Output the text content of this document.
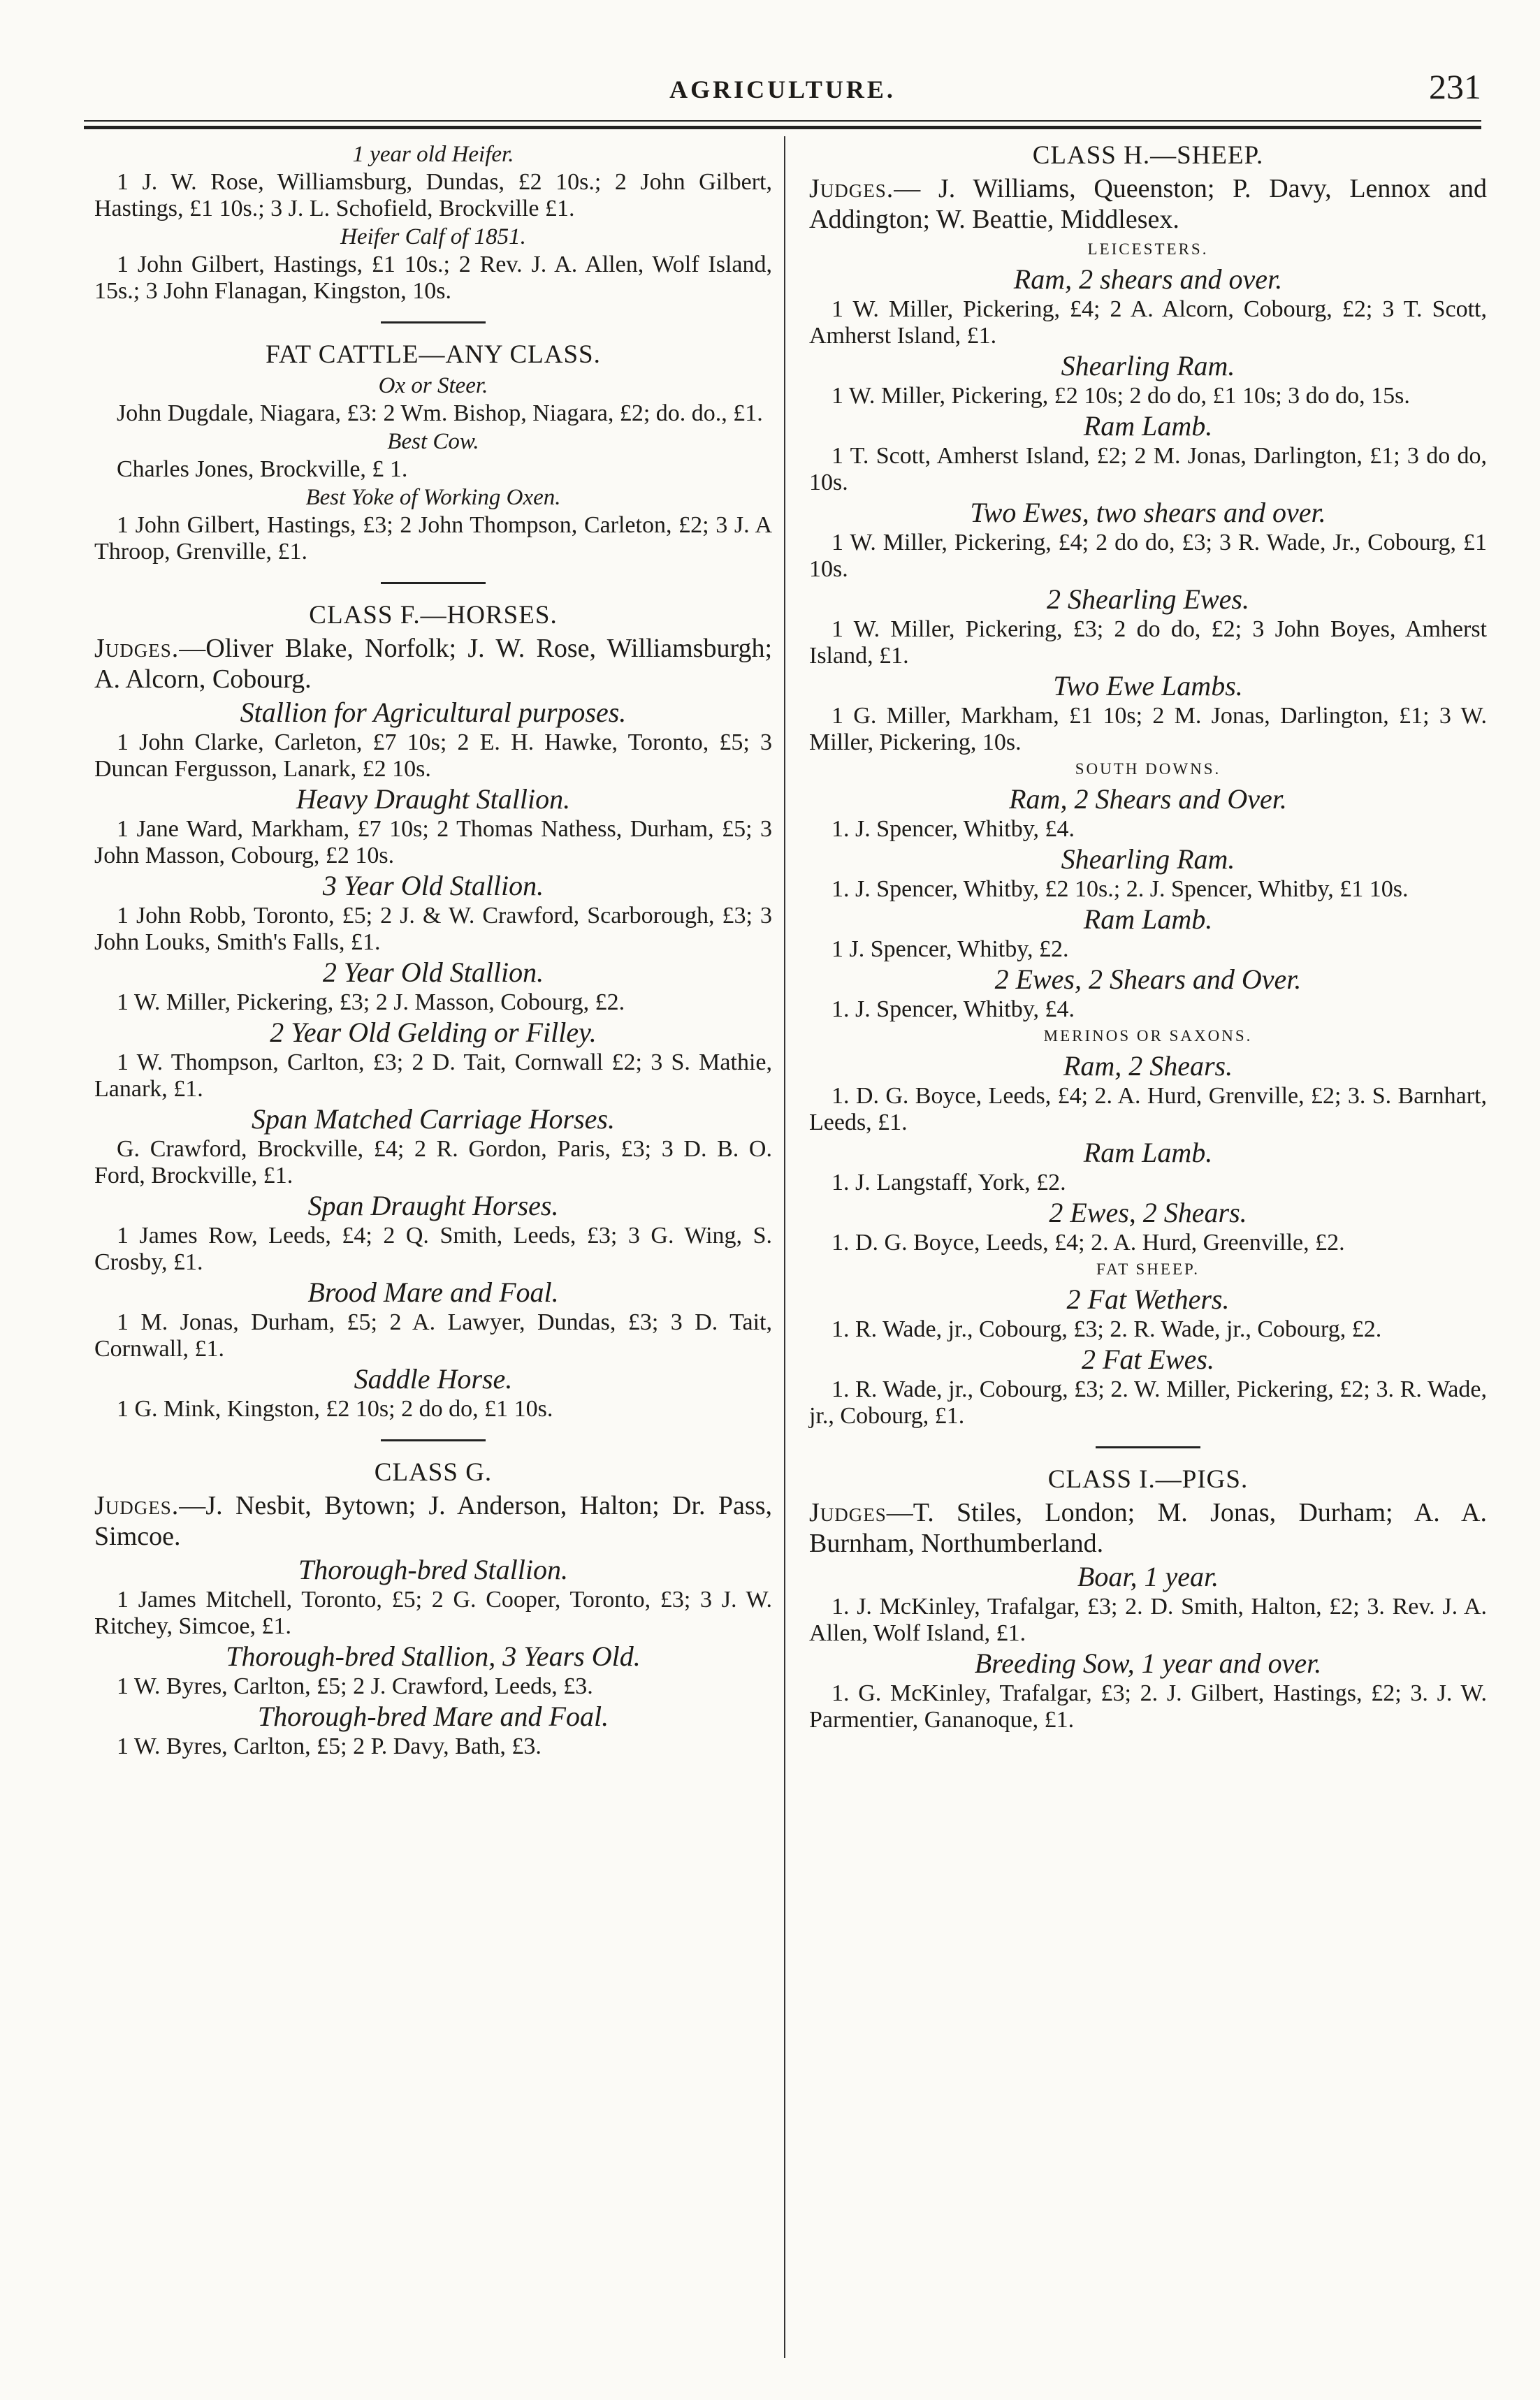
AGRICULTURE.	231
1 year old Heifer.

1 J. W. Rose, Williamsburg, Dundas, £2 10s.; 2 John Gilbert, Hastings, £1 10s.; 3 J. L. Schofield, Brockville £1.

Heifer Calf of 1851.

1 John Gilbert, Hastings, £1 10s.; 2 Rev. J. A. Allen, Wolf Island, 15s.; 3 John Flanagan, Kingston, 10s.

FAT CATTLE—ANY CLASS.
Ox or Steer.

John Dugdale, Niagara, £3: 2 Wm. Bishop, Niagara, £2; do. do., £1.

Best Cow.

Charles Jones, Brockville, £ 1.

Best Yoke of Working Oxen.

1 John Gilbert, Hastings, £3; 2 John Thompson, Carleton, £2; 3 J. A Throop, Grenville, £1.

CLASS F.—HORSES.

Judges.—Oliver Blake, Norfolk; J. W. Rose, Williamsburgh; A. Alcorn, Cobourg.

Stallion for Agricultural purposes.

1 John Clarke, Carleton, £7 10s; 2 E. H. Hawke, Toronto, £5; 3 Duncan Fergusson, Lanark, £2 10s.

Heavy Draught Stallion.

1 Jane Ward, Markham, £7 10s; 2 Thomas Nathess, Durham, £5; 3 John Masson, Cobourg, £2 10s.

3 Year Old Stallion.

1 John Robb, Toronto, £5; 2 J. & W. Crawford, Scarborough, £3; 3 John Louks, Smith's Falls, £1.

2 Year Old Stallion.

1 W. Miller, Pickering, £3; 2 J. Masson, Cobourg, £2.

2 Year Old Gelding or Filley.

1 W. Thompson, Carlton, £3; 2 D. Tait, Cornwall £2; 3 S. Mathie, Lanark, £1.

Span Matched Carriage Horses.

G. Crawford, Brockville, £4; 2 R. Gordon, Paris, £3; 3 D. B. O. Ford, Brockville, £1.

Span Draught Horses.

1 James Row, Leeds, £4; 2 Q. Smith, Leeds, £3; 3 G. Wing, S. Crosby, £1.

Brood Mare and Foal.

1 M. Jonas, Durham, £5; 2 A. Lawyer, Dundas, £3; 3 D. Tait, Cornwall, £1.

Saddle Horse.

1 G. Mink, Kingston, £2 10s; 2 do do, £1 10s.

CLASS G.

Judges.—J. Nesbit, Bytown; J. Anderson, Halton; Dr. Pass, Simcoe.

Thorough-bred Stallion.

1 James Mitchell, Toronto, £5; 2 G. Cooper, Toronto, £3; 3 J. W. Ritchey, Simcoe, £1.

Thorough-bred Stallion, 3 Years Old.

1 W. Byres, Carlton, £5; 2 J. Crawford, Leeds, £3.

Thorough-bred Mare and Foal.

1 W. Byres, Carlton, £5; 2 P. Davy, Bath, £3.

CLASS H.—SHEEP.

Judges.— J. Williams, Queenston; P. Davy, Lennox and Addington; W. Beattie, Middlesex.

LEICESTERS.
Ram, 2 shears and over.

1 W. Miller, Pickering, £4; 2 A. Alcorn, Cobourg, £2; 3 T. Scott, Amherst Island, £1.

Shearling Ram.

1 W. Miller, Pickering, £2 10s; 2 do do, £1 10s; 3 do do, 15s.

Ram Lamb.

1 T. Scott, Amherst Island, £2; 2 M. Jonas, Darlington, £1; 3 do do, 10s.

Two Ewes, two shears and over.

1 W. Miller, Pickering, £4; 2 do do, £3; 3 R. Wade, Jr., Cobourg, £1 10s.

2 Shearling Ewes.

1 W. Miller, Pickering, £3; 2 do do, £2; 3 John Boyes, Amherst Island, £1.

Two Ewe Lambs.

1 G. Miller, Markham, £1 10s; 2 M. Jonas, Darlington, £1; 3 W. Miller, Pickering, 10s.

SOUTH DOWNS.
Ram, 2 Shears and Over.

1. J. Spencer, Whitby, £4.

Shearling Ram.

1. J. Spencer, Whitby, £2 10s.; 2. J. Spencer, Whitby, £1 10s.

Ram Lamb.

1 J. Spencer, Whitby, £2.

2 Ewes, 2 Shears and Over.

1. J. Spencer, Whitby, £4.

MERINOS OR SAXONS.
Ram, 2 Shears.

1. D. G. Boyce, Leeds, £4; 2. A. Hurd, Grenville, £2; 3. S. Barnhart, Leeds, £1.

Ram Lamb.

1. J. Langstaff, York, £2.

2 Ewes, 2 Shears.

1. D. G. Boyce, Leeds, £4; 2. A. Hurd, Greenville, £2.

FAT SHEEP.
2 Fat Wethers.

1. R. Wade, jr., Cobourg, £3; 2. R. Wade, jr., Cobourg, £2.

2 Fat Ewes.

1. R. Wade, jr., Cobourg, £3; 2. W. Miller, Pickering, £2; 3. R. Wade, jr., Cobourg, £1.

CLASS I.—PIGS.

Judges—T. Stiles, London; M. Jonas, Durham; A. A. Burnham, Northumberland.

Boar, 1 year.

1. J. McKinley, Trafalgar, £3; 2. D. Smith, Halton, £2; 3. Rev. J. A. Allen, Wolf Island, £1.

Breeding Sow, 1 year and over.

1. G. McKinley, Trafalgar, £3; 2. J. Gilbert, Hastings, £2; 3. J. W. Parmentier, Gananoque, £1.
